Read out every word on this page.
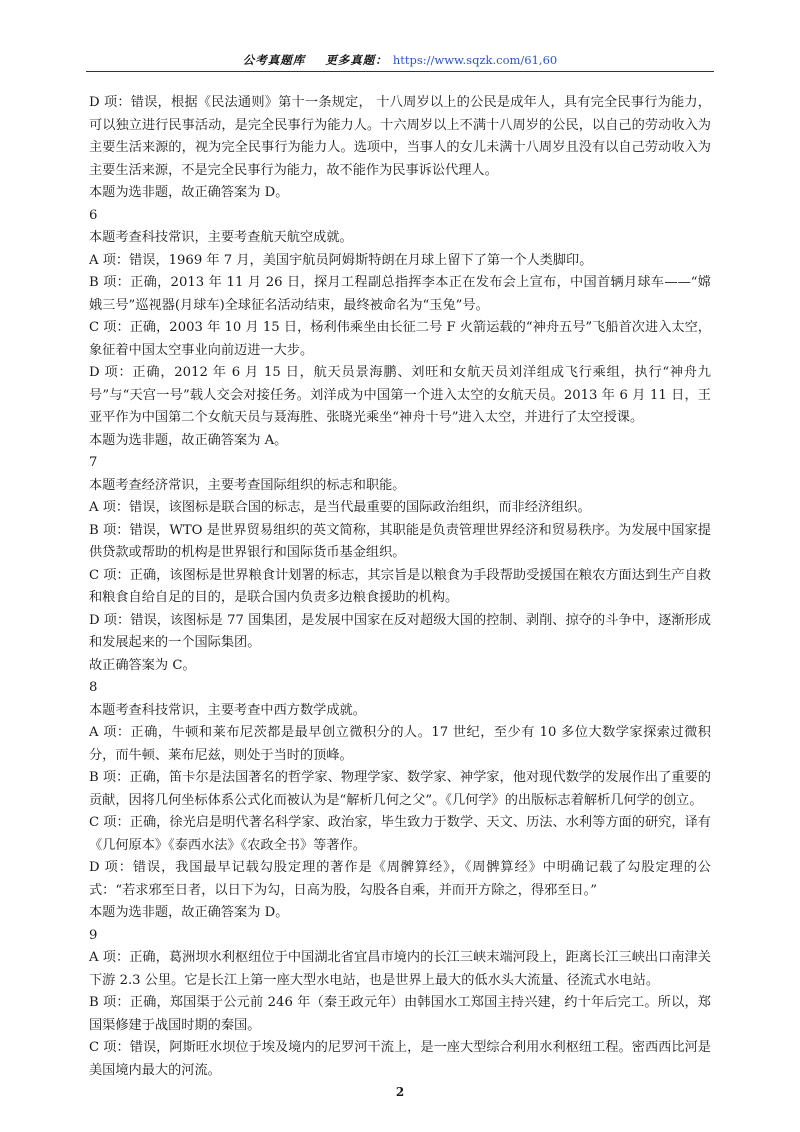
公考真题库 更多真题： https://www.sqzk.com/61,60

D 项：错误，根据《民法通则》第十一条规定， 十八周岁以上的公民是成年人，具有完全民事行为能力，可以独立进行民事活动，是完全民事行为能力人。十六周岁以上不满十八周岁的公民，以自己的劳动收入为主要生活来源的，视为完全民事行为能力人。选项中，当事人的女儿未满十八周岁且没有以自己劳动收入为主要生活来源，不是完全民事行为能力，故不能作为民事诉讼代理人。

本题为选非题，故正确答案为 D。

6

本题考查科技常识，主要考查航天航空成就。

A 项：错误，1969 年 7 月，美国宇航员阿姆斯特朗在月球上留下了第一个人类脚印。

B 项：正确，2013 年 11 月 26 日，探月工程副总指挥李本正在发布会上宣布，中国首辆月球车——“嫦娥三号”巡视器(月球车)全球征名活动结束，最终被命名为“玉兔”号。

C 项：正确，2003 年 10 月 15 日，杨利伟乘坐由长征二号 F 火箭运载的“神舟五号”飞船首次进入太空，象征着中国太空事业向前迈进一大步。

D 项：正确，2012 年 6 月 15 日，航天员景海鹏、刘旺和女航天员刘洋组成飞行乘组，执行“神舟九号”与“天宫一号”载人交会对接任务。刘洋成为中国第一个进入太空的女航天员。2013 年 6 月 11 日，王亚平作为中国第二个女航天员与聂海胜、张晓光乘坐“神舟十号”进入太空，并进行了太空授课。

本题为选非题，故正确答案为 A。

7

本题考查经济常识，主要考查国际组织的标志和职能。

A 项：错误，该图标是联合国的标志，是当代最重要的国际政治组织，而非经济组织。

B 项：错误，WTO 是世界贸易组织的英文简称，其职能是负责管理世界经济和贸易秩序。为发展中国家提供贷款或帮助的机构是世界银行和国际货币基金组织。

C 项：正确，该图标是世界粮食计划署的标志，其宗旨是以粮食为手段帮助受援国在粮农方面达到生产自救和粮食自给自足的目的，是联合国内负责多边粮食援助的机构。

D 项：错误，该图标是 77 国集团，是发展中国家在反对超级大国的控制、剥削、掠夺的斗争中，逐渐形成和发展起来的一个国际集团。

故正确答案为 C。

8

本题考查科技常识，主要考查中西方数学成就。

A 项：正确，牛顿和莱布尼茨都是最早创立微积分的人。17 世纪，至少有 10 多位大数学家探索过微积分，而牛顿、莱布尼兹，则处于当时的顶峰。

B 项：正确，笛卡尔是法国著名的哲学家、物理学家、数学家、神学家，他对现代数学的发展作出了重要的贡献，因将几何坐标体系公式化而被认为是“解析几何之父”。《几何学》的出版标志着解析几何学的创立。

C 项：正确，徐光启是明代著名科学家、政治家，毕生致力于数学、天文、历法、水利等方面的研究，译有《几何原本》《泰西水法》《农政全书》等著作。

D 项：错误，我国最早记载勾股定理的著作是《周髀算经》，《周髀算经》中明确记载了勾股定理的公式：“若求邪至日者，以日下为勾，日高为股，勾股各自乘，并而开方除之，得邪至日。”

本题为选非题，故正确答案为 D。

9

A 项：正确，葛洲坝水利枢纽位于中国湖北省宜昌市境内的长江三峡末端河段上，距离长江三峡出口南津关下游 2.3 公里。它是长江上第一座大型水电站，也是世界上最大的低水头大流量、径流式水电站。

B 项：正确，郑国渠于公元前 246 年（秦王政元年）由韩国水工郑国主持兴建，约十年后完工。所以，郑国渠修建于战国时期的秦国。

C 项：错误，阿斯旺水坝位于埃及境内的尼罗河干流上，是一座大型综合利用水利枢纽工程。密西西比河是美国境内最大的河流。

2
